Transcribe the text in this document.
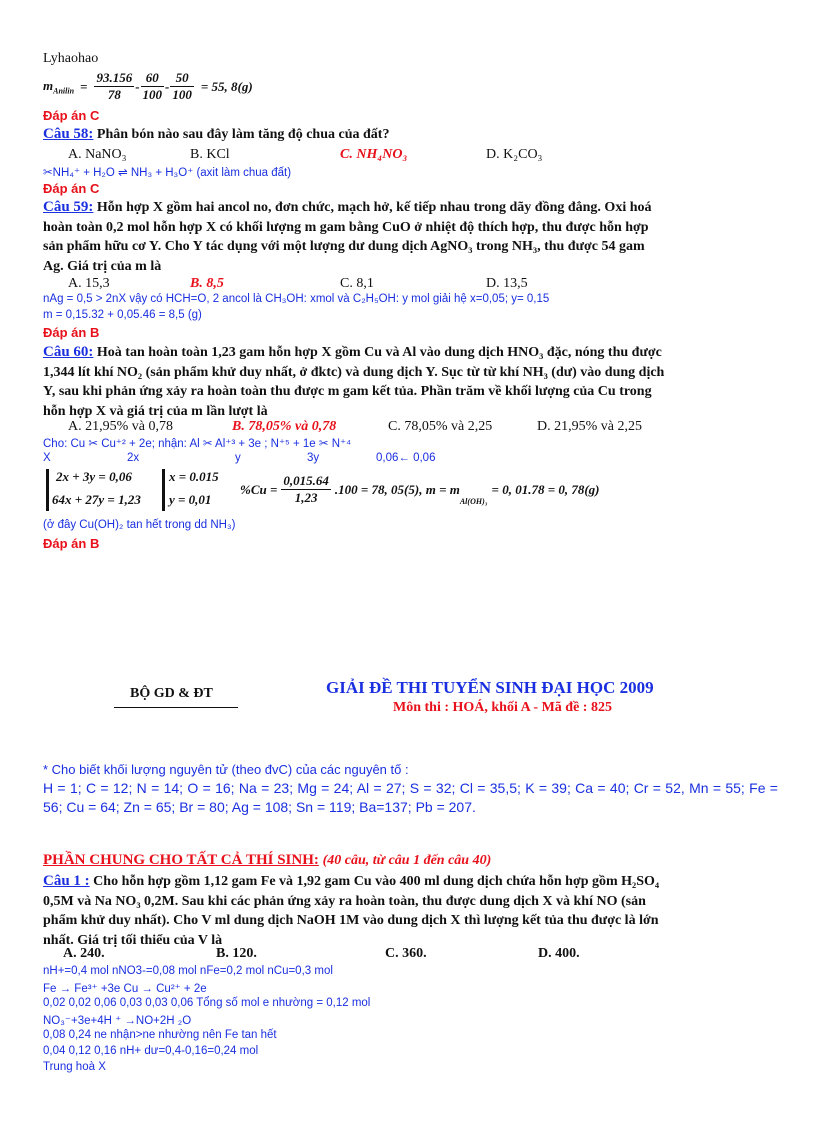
Lyhaohao
$m_{Anilin} = \frac{93.156}{78} - \frac{60}{100} - \frac{50}{100} = 55$, 8(g)
Đáp án C
Câu 58: Phân bón nào sau đây làm tăng độ chua của đất?
A. NaNO₃	B. KCl	C. NH₄NO₃	D. K₂CO₃
✂NH₄⁺ + H₂O ⇌ NH₃ + H₃O⁺ (axit làm chua đất)
Đáp án C
Câu 59: Hỗn hợp X gồm hai ancol no, đơn chức, mạch hở, kế tiếp nhau trong dãy đồng đẳng. Oxi hoá
hoàn toàn 0,2 mol hỗn hợp X có khối lượng m gam bằng CuO ở nhiệt độ thích hợp, thu được hỗn hợp
sản phẩm hữu cơ Y. Cho Y tác dụng với một lượng dư dung dịch AgNO₃ trong NH₃, thu được 54 gam
Ag. Giá trị của m là
A. 15,3	B. 8,5	C. 8,1	D. 13,5
nAg = 0,5 > 2nX vậy có HCH=O, 2 ancol là CH₃OH: xmol và C₂H₅OH: y mol giải hệ x=0,05; y= 0,15
m = 0,15.32 + 0,05.46 = 8,5 (g)
Đáp án B
Câu 60: Hoà tan hoàn toàn 1,23 gam hỗn hợp X gồm Cu và Al vào dung dịch HNO₃ đặc, nóng thu được
1,344 lít khí NO₂ (sản phẩm khử duy nhất, ở đktc) và dung dịch Y. Sục từ từ khí NH₃ (dư) vào dung dịch
Y, sau khi phản ứng xảy ra hoàn toàn thu được m gam kết tủa. Phần trăm về khối lượng của Cu trong
hỗn hợp X và giá trị của m lần lượt là
A. 21,95% và 0,78	B. 78,05% và 0,78	C. 78,05% và 2,25	D. 21,95% và 2,25
Cho: Cu ✂ Cu⁺² + 2e; nhận: Al ✂ Al⁺³ + 3e ; N⁺⁵ + 1e ✂ N⁺⁴
X	2x	y	3y	0,06← 0,06
2x + 3y = 0,06
64x + 27y = 1,23
x = 0.015
y = 0,01
$\%Cu = \frac{0,015.64}{1,23} .100 = 78$, 05(5), m = m
$_{Al(OH)_3}$
= 0, 01.78 = 0, 78(g)
(ở đây Cu(OH)₂ tan hết trong dd NH₃)
Đáp án B
BỘ GD & ĐT	GIẢI ĐỀ THI TUYỂN SINH ĐẠI HỌC 2009
Môn thi : HOÁ, khối A - Mã đề : 825
* Cho biết khối lượng nguyên tử (theo đvC) của các nguyên tố :
H = 1; C = 12; N = 14; O = 16; Na = 23; Mg = 24; Al = 27; S = 32; Cl = 35,5; K = 39; Ca = 40; Cr = 52, Mn = 55; Fe = 56; Cu = 64; Zn = 65; Br = 80; Ag = 108; Sn = 119; Ba=137; Pb = 207.
PHẦN CHUNG CHO TẤT CẢ THÍ SINH: (40 câu, từ câu 1 đến câu 40)
Câu 1 : Cho hỗn hợp gồm 1,12 gam Fe và 1,92 gam Cu vào 400 ml dung dịch chứa hỗn hợp gồm H₂SO₄
0,5M và Na NO₃ 0,2M. Sau khi các phản ứng xảy ra hoàn toàn, thu được dung dịch X và khí NO (sản
phẩm khử duy nhất). Cho V ml dung dịch NaOH 1M vào dung dịch X thì lượng kết tủa thu được là lớn
nhất. Giá trị tối thiểu của V là
A. 240.	B. 120.	C. 360.	D. 400.
nH+=0,4 mol nNO3-=0,08 mol nFe=0,2 mol nCu=0,3 mol
Fe → Fe³⁺ +3e Cu → Cu²⁺ + 2e
0,02 0,02 0,06 0,03 0,03 0,06 Tổng số mol e nhường = 0,12 mol
NO₃⁻+3e+4H ⁺ →NO+2H ₂O
0,08 0,24 ne nhận>ne nhường nên Fe tan hết
0,04 0,12 0,16 nH+ dư=0,4-0,16=0,24 mol
Trung hoà X
